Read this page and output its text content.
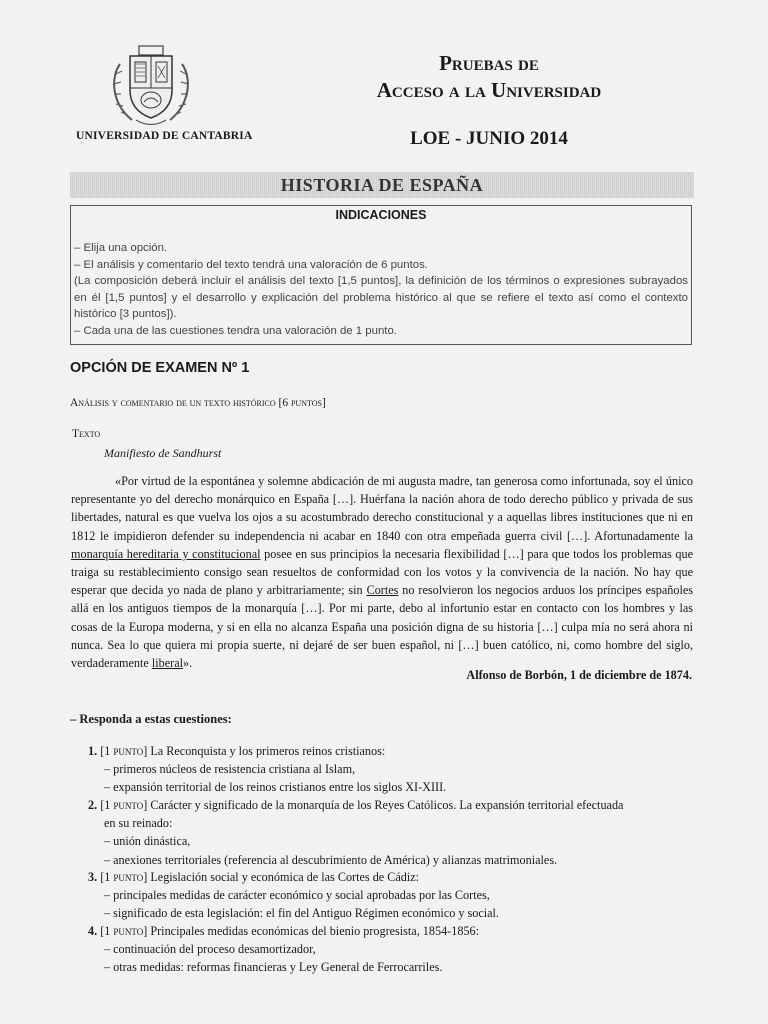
UNIVERSIDAD DE CANTABRIA
Pruebas de
Acceso a la Universidad
LOE - JUNIO 2014
HISTORIA DE ESPAÑA
INDICACIONES
– Elija una opción.
– El análisis y comentario del texto tendrá una valoración de 6 puntos.
(La composición deberá incluir el análisis del texto [1,5 puntos], la definición de los términos o expresiones subrayados en él [1,5 puntos] y el desarrollo y explicación del problema histórico al que se refiere el texto así como el contexto histórico [3 puntos]).
– Cada una de las cuestiones tendra una valoración de 1 punto.
OPCIÓN DE EXAMEN Nº 1
Análisis y comentario de un texto histórico [6 puntos]
Texto
Manifiesto de Sandhurst
«Por virtud de la espontánea y solemne abdicación de mi augusta madre, tan generosa como infortunada, soy el único representante yo del derecho monárquico en España […]. Huérfana la nación ahora de todo derecho público y privada de sus libertades, natural es que vuelva los ojos a su acostumbrado derecho constitucional y a aquellas libres instituciones que ni en 1812 le impidieron defender su independencia ni acabar en 1840 con otra empeñada guerra civil […]. Afortunadamente la monarquía hereditaria y constitucional posee en sus principios la necesaria flexibilidad […] para que todos los problemas que traiga su restablecimiento consigo sean resueltos de conformidad con los votos y la convivencia de la nación. No hay que esperar que decida yo nada de plano y arbitrariamente; sin Cortes no resolvieron los negocios arduos los príncipes españoles allá en los antiguos tiempos de la monarquía […]. Por mi parte, debo al infortunio estar en contacto con los hombres y las cosas de la Europa moderna, y si en ella no alcanza España una posición digna de su historia […] culpa mía no será ahora ni nunca. Sea lo que quiera mi propia suerte, ni dejaré de ser buen español, ni […] buen católico, ni, como hombre del siglo, verdaderamente liberal».
Alfonso de Borbón, 1 de diciembre de 1874.
– Responda a estas cuestiones:
1. [1 punto] La Reconquista y los primeros reinos cristianos:
– primeros núcleos de resistencia cristiana al Islam,
– expansión territorial de los reinos cristianos entre los siglos XI-XIII.
2. [1 punto] Carácter y significado de la monarquía de los Reyes Católicos. La expansión territorial efectuada
en su reinado:
– unión dinástica,
– anexiones territoriales (referencia al descubrimiento de América) y alianzas matrimoniales.
3. [1 punto] Legislación social y económica de las Cortes de Cádiz:
– principales medidas de carácter económico y social aprobadas por las Cortes,
– significado de esta legislación: el fin del Antiguo Régimen económico y social.
4. [1 punto] Principales medidas económicas del bienio progresista, 1854-1856:
– continuación del proceso desamortizador,
– otras medidas: reformas financieras y Ley General de Ferrocarriles.
